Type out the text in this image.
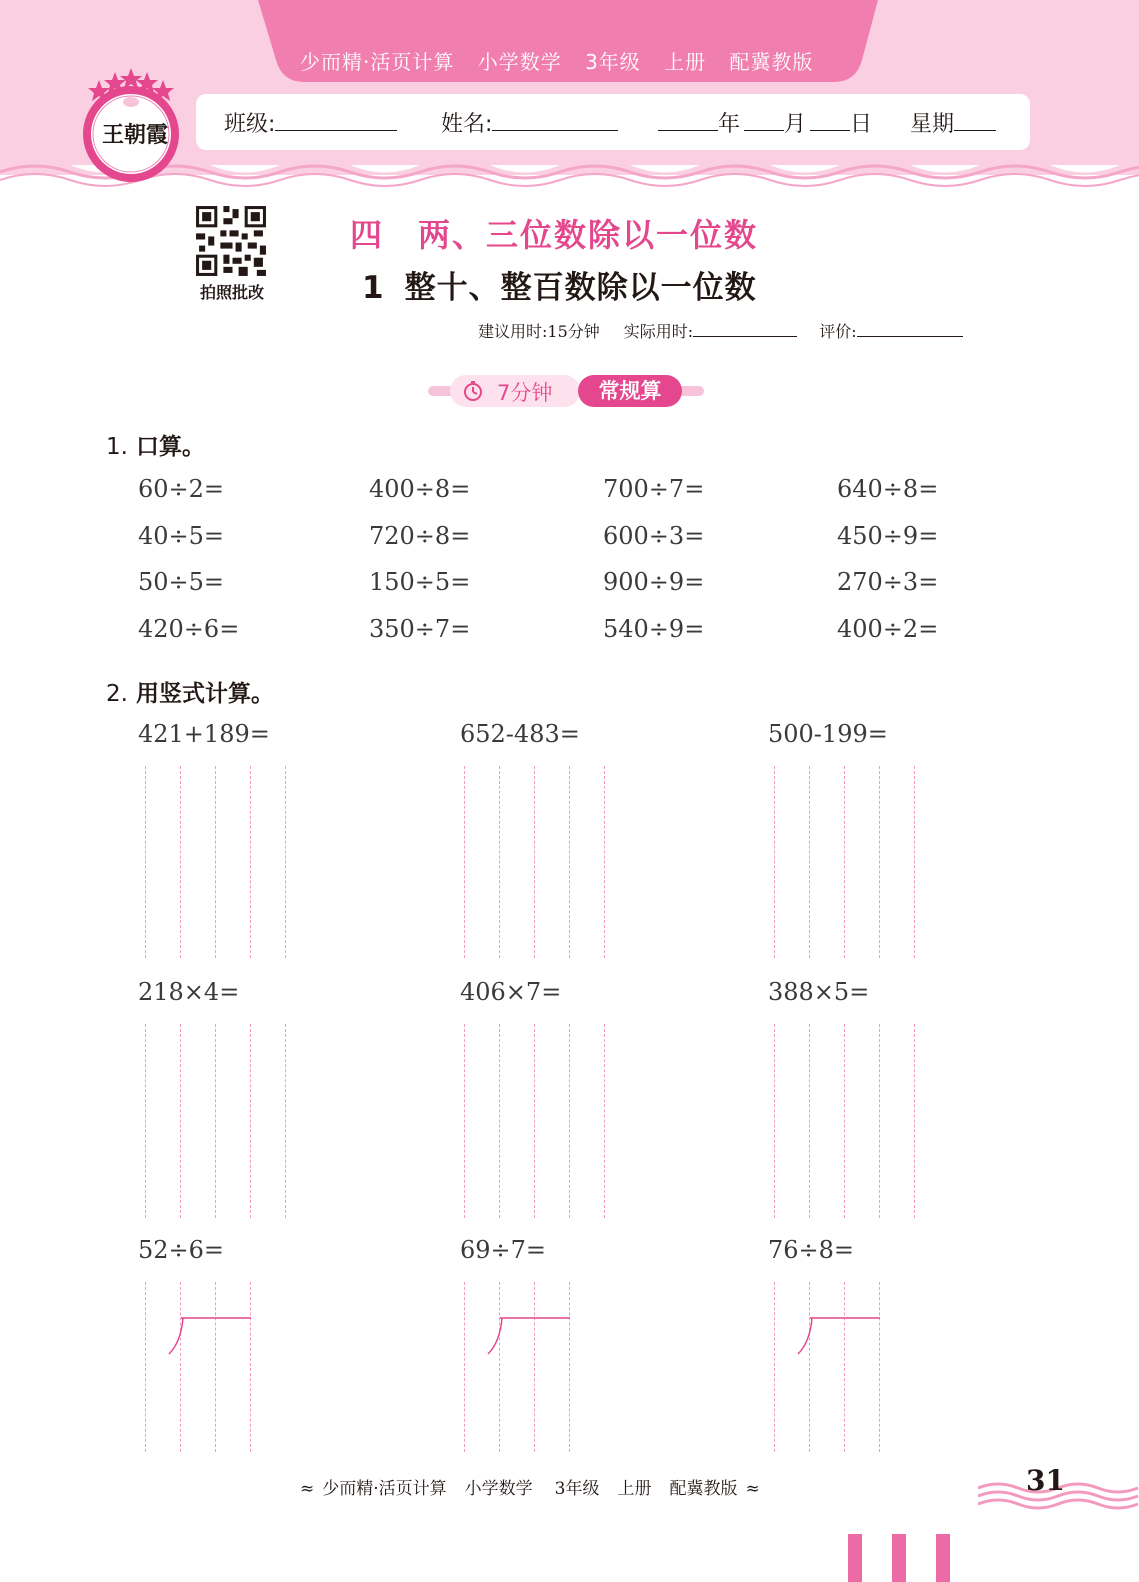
少而精·活页计算 小学数学 3年级 上册 配冀教版
王朝霞	班级:	姓名:	年 月 日 星期
拍照批改
四 两、三位数除以一位数
1 整十、整百数除以一位数
建议用时:15分钟 实际用时:	评价:
7分钟	常规算
1. 口算。
60÷2=	400÷8=	700÷7=	640÷8=
40÷5=	720÷8=	600÷3=	450÷9=
50÷5=	150÷5=	900÷9=	270÷3=
420÷6=	350÷7=	540÷9=	400÷2=
2. 用竖式计算。
421+189=	652-483=	500-199=
218×4=	406×7=	388×5=
52÷6=	69÷7=	76÷8=
≈ 少而精·活页计算 小学数学 3年级 上册 配冀教版 ≈	31
